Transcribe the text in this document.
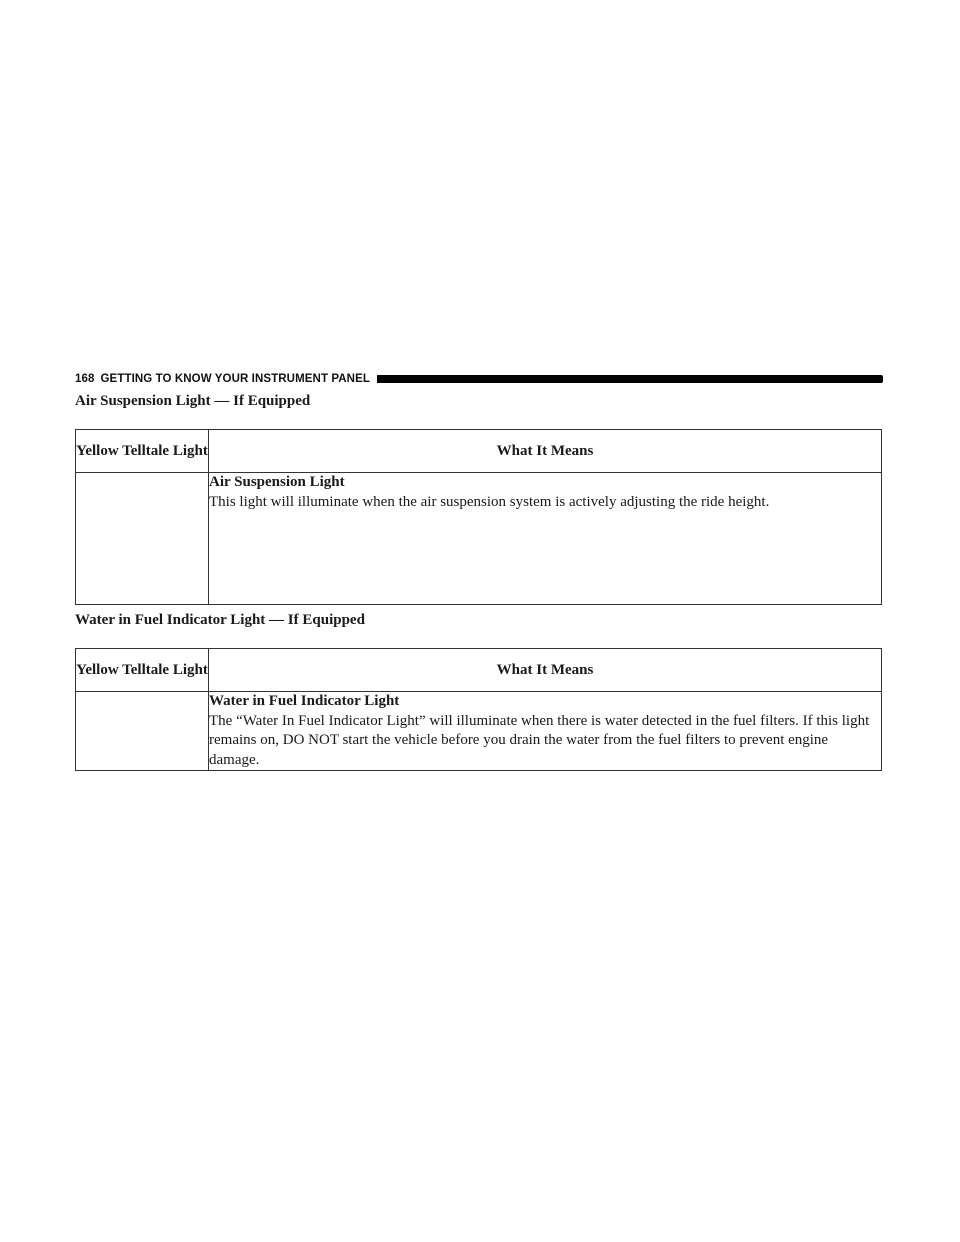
168 GETTING TO KNOW YOUR INSTRUMENT PANEL
Air Suspension Light — If Equipped
Yellow Telltale Light	What It Means

	Air Suspension Light
This light will illuminate when the air suspension system is actively adjusting the ride height.
Water in Fuel Indicator Light — If Equipped
Yellow Telltale Light	What It Means

	Water in Fuel Indicator Light
The “Water In Fuel Indicator Light” will illuminate when there is water detected in the fuel filters. If this light remains on, DO NOT start the vehicle before you drain the water from the fuel filters to prevent engine damage.
